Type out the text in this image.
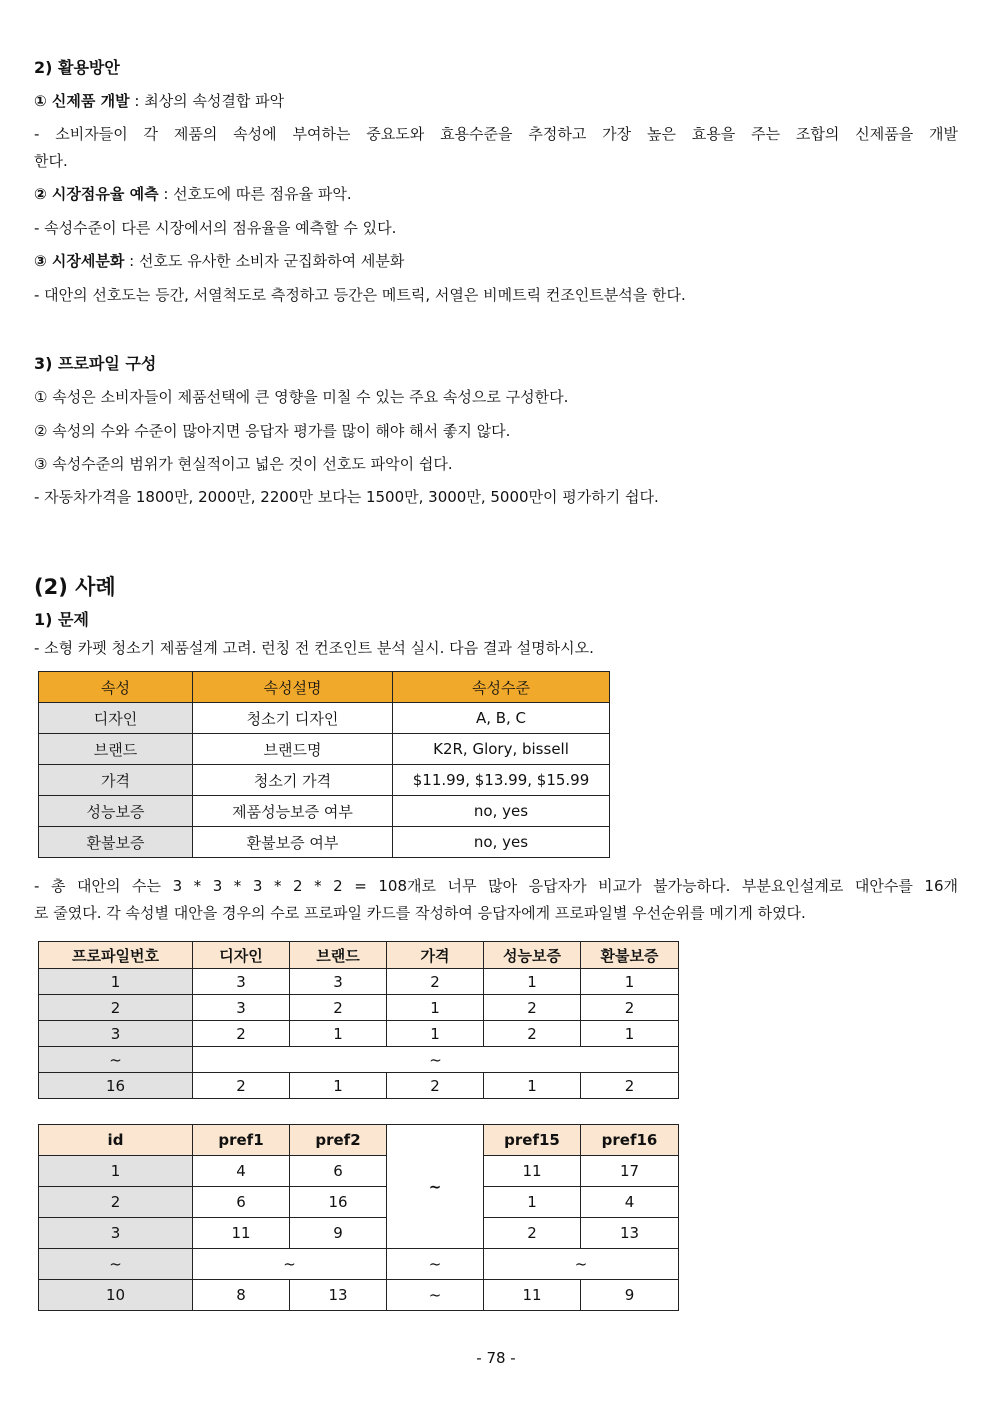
2) 활용방안
① 신제품 개발 : 최상의 속성결합 파악
- 소비자들이 각 제품의 속성에 부여하는 중요도와 효용수준을 추정하고 가장 높은 효용을 주는 조합의 신제품을 개발
한다.
② 시장점유율 예측 : 선호도에 따른 점유율 파악.
- 속성수준이 다른 시장에서의 점유율을 예측할 수 있다.
③ 시장세분화 : 선호도 유사한 소비자 군집화하여 세분화
- 대안의 선호도는 등간, 서열척도로 측정하고 등간은 메트릭, 서열은 비메트릭 컨조인트분석을 한다.
3) 프로파일 구성
① 속성은 소비자들이 제품선택에 큰 영향을 미칠 수 있는 주요 속성으로 구성한다.
② 속성의 수와 수준이 많아지면 응답자 평가를 많이 해야 해서 좋지 않다.
③ 속성수준의 범위가 현실적이고 넓은 것이 선호도 파악이 쉽다.
- 자동차가격을 1800만, 2000만, 2200만 보다는 1500만, 3000만, 5000만이 평가하기 쉽다.
(2) 사례
1) 문제
- 소형 카펫 청소기 제품설계 고려. 런칭 전 컨조인트 분석 실시. 다음 결과 설명하시오.
속성	속성설명	속성수준
디자인	청소기 디자인	A, B, C
브랜드	브랜드명	K2R, Glory, bissell
가격	청소기 가격	$11.99, $13.99, $15.99
성능보증	제품성능보증 여부	no, yes
환불보증	환불보증 여부	no, yes
- 총 대안의 수는 3 * 3 * 3 * 2 * 2 = 108개로 너무 많아 응답자가 비교가 불가능하다. 부분요인설계로 대안수를 16개
로 줄였다. 각 속성별 대안을 경우의 수로 프로파일 카드를 작성하여 응답자에게 프로파일별 우선순위를 메기게 하였다.
프로파일번호	디자인	브랜드	가격	성능보증	환불보증
1	3	3	2	1	1
2	3	2	1	2	2
3	2	1	1	2	1
~	~				
16	2	1	2	1	2
id	pref1	pref2	~	pref15	pref16
1	4	6		11	17
2	6	16		1	4
3	11	9		2	13
~	~		~	~	
10	8	13	~	11	9
- 78 -
